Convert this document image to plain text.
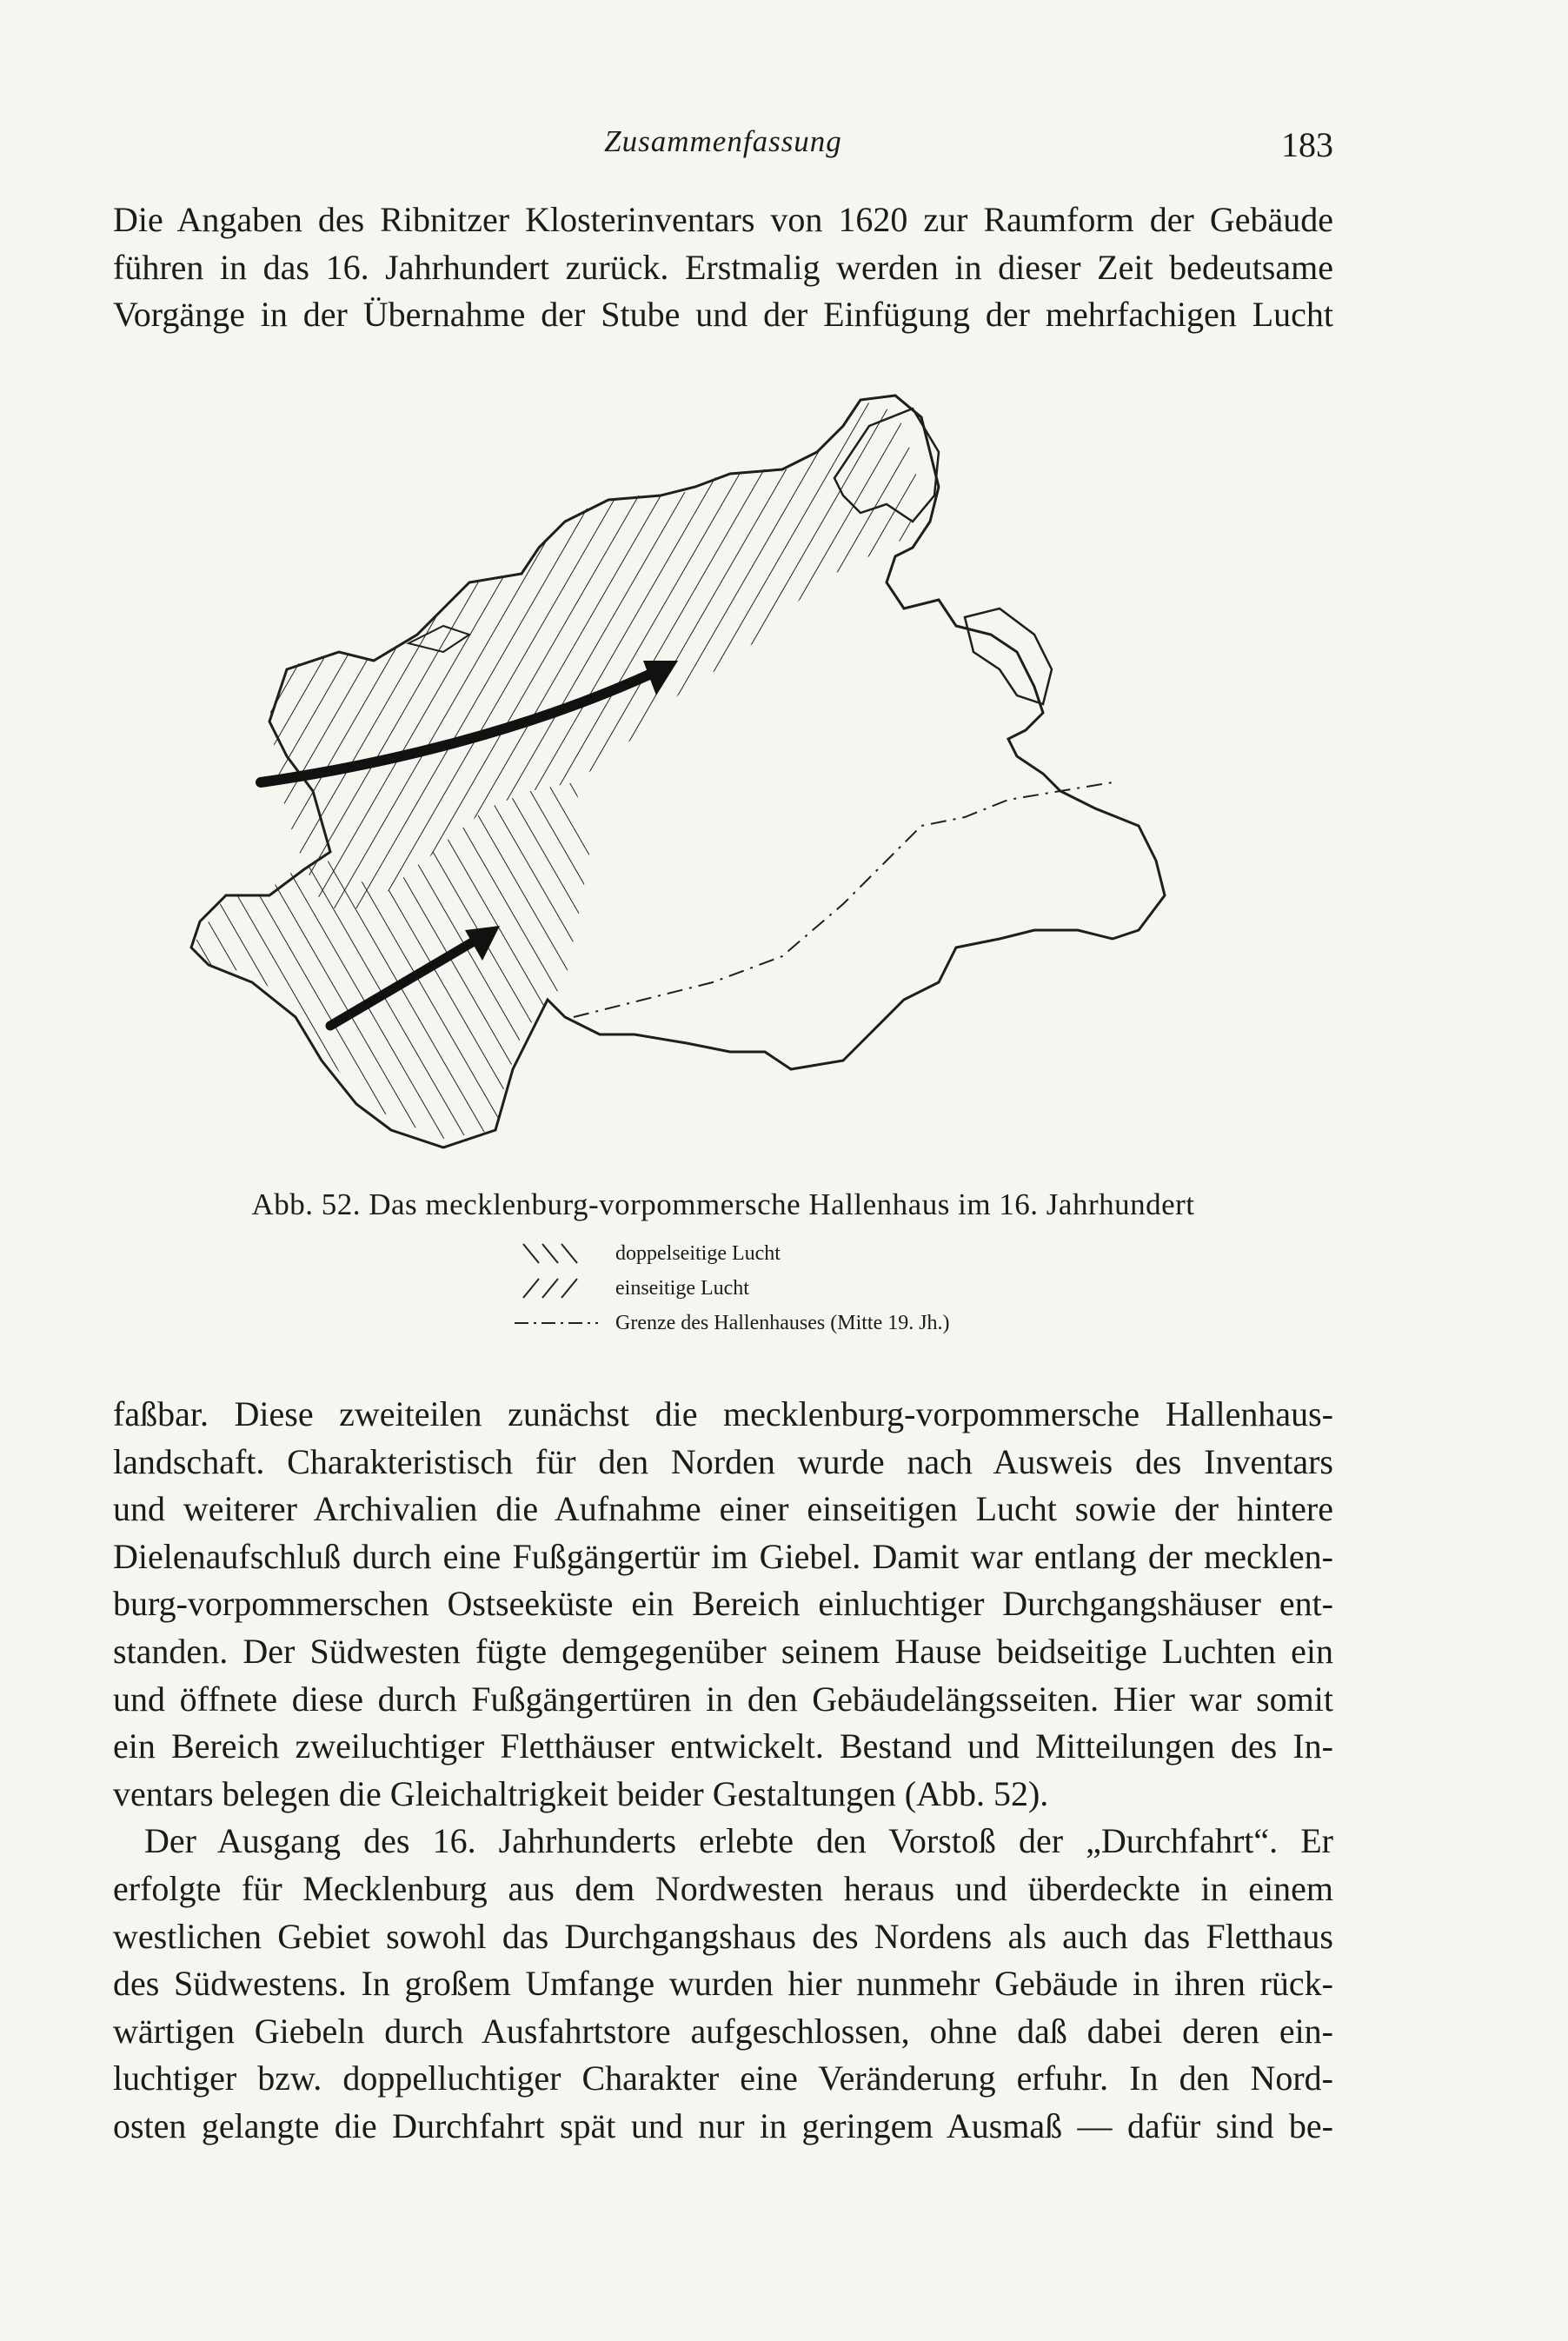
Zusammenfassung	183

Die Angaben des Ribnitzer Klosterinventars von 1620 zur Raumform der Gebäude
führen in das 16. Jahrhundert zurück. Erstmalig werden in dieser Zeit bedeutsame
Vorgänge in der Übernahme der Stube und der Einfügung der mehrfachigen Lucht

Abb. 52. Das mecklenburg-vorpommersche Hallenhaus im 16. Jahrhundert
doppelseitige Lucht
einseitige Lucht
Grenze des Hallenhauses (Mitte 19. Jh.)

faßbar. Diese zweiteilen zunächst die mecklenburg-vorpommersche Hallenhaus-
landschaft. Charakteristisch für den Norden wurde nach Ausweis des Inventars
und weiterer Archivalien die Aufnahme einer einseitigen Lucht sowie der hintere
Dielenaufschluß durch eine Fußgängertür im Giebel. Damit war entlang der mecklen-
burg-vorpommerschen Ostseeküste ein Bereich einluchtiger Durchgangshäuser ent-
standen. Der Südwesten fügte demgegenüber seinem Hause beidseitige Luchten ein
und öffnete diese durch Fußgängertüren in den Gebäudelängsseiten. Hier war somit
ein Bereich zweiluchtiger Fletthäuser entwickelt. Bestand und Mitteilungen des In-
ventars belegen die Gleichaltrigkeit beider Gestaltungen (Abb. 52).

Der Ausgang des 16. Jahrhunderts erlebte den Vorstoß der „Durchfahrt“. Er
erfolgte für Mecklenburg aus dem Nordwesten heraus und überdeckte in einem
westlichen Gebiet sowohl das Durchgangshaus des Nordens als auch das Fletthaus
des Südwestens. In großem Umfange wurden hier nunmehr Gebäude in ihren rück-
wärtigen Giebeln durch Ausfahrtstore aufgeschlossen, ohne daß dabei deren ein-
luchtiger bzw. doppelluchtiger Charakter eine Veränderung erfuhr. In den Nord-
osten gelangte die Durchfahrt spät und nur in geringem Ausmaß — dafür sind be-
